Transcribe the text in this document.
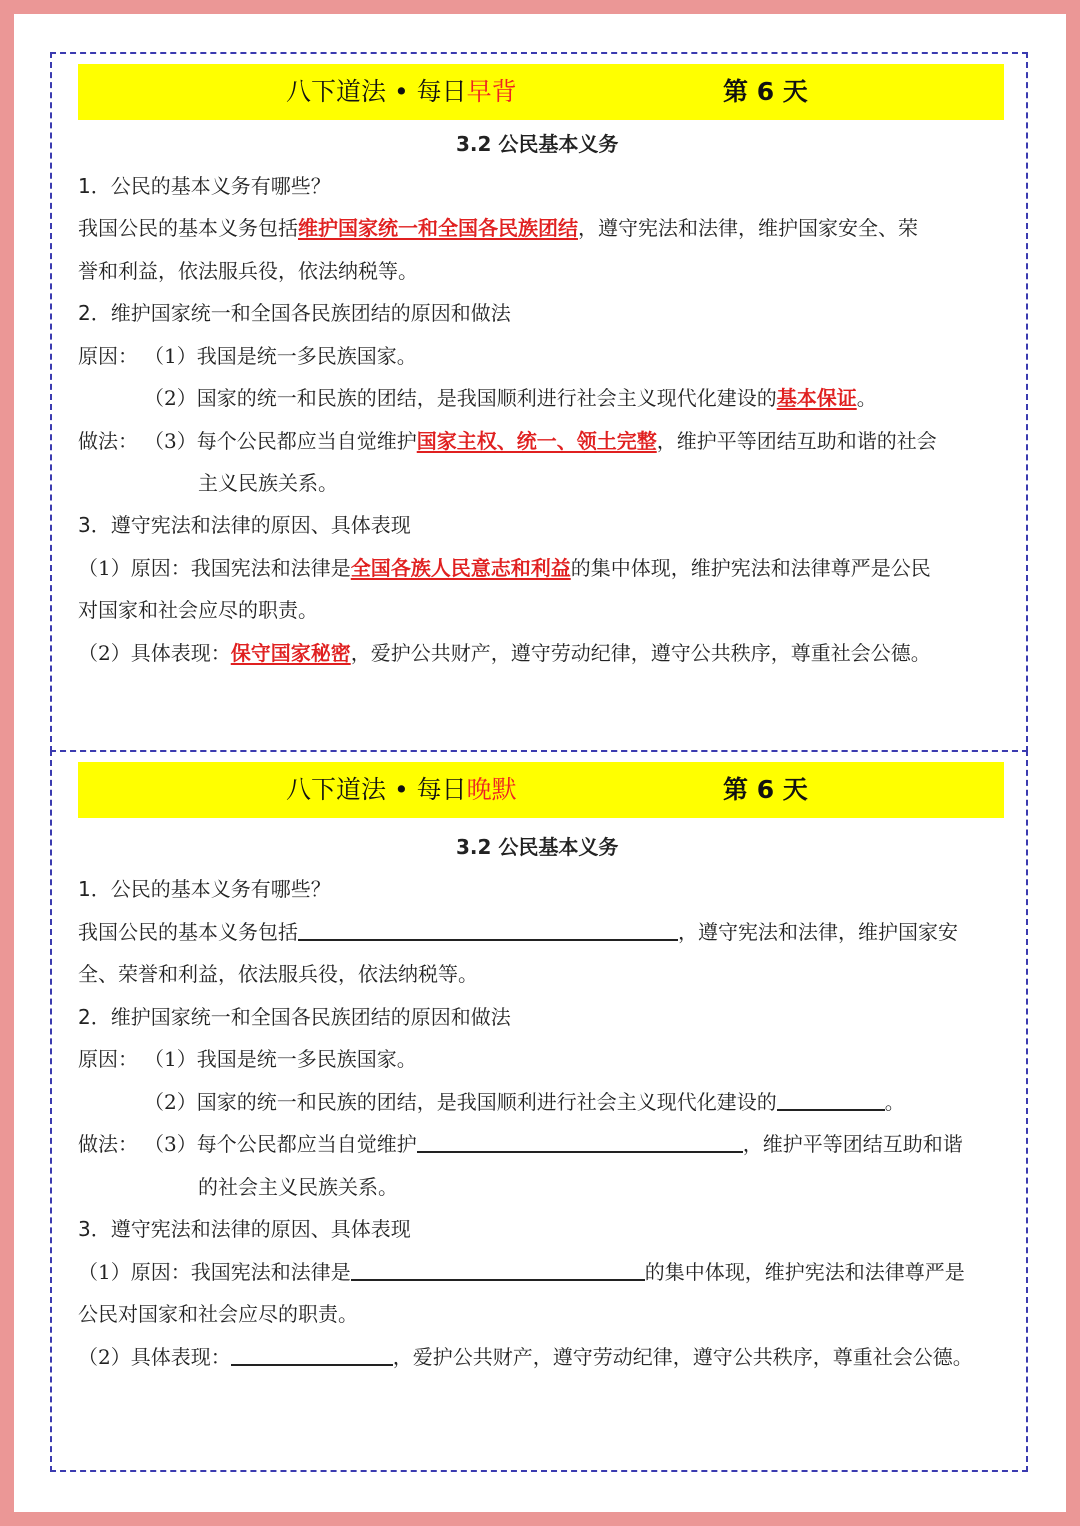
八下道法 • 每日早背	第 6 天
3.2 公民基本义务
1．公民的基本义务有哪些？
我国公民的基本义务包括维护国家统一和全国各民族团结，遵守宪法和法律，维护国家安全、荣
誉和利益，依法服兵役，依法纳税等。
2．维护国家统一和全国各民族团结的原因和做法
原因： （1）我国是统一多民族国家。
（2）国家的统一和民族的团结，是我国顺利进行社会主义现代化建设的基本保证。
做法： （3）每个公民都应当自觉维护国家主权、统一、领土完整，维护平等团结互助和谐的社会
主义民族关系。
3．遵守宪法和法律的原因、具体表现
（1）原因：我国宪法和法律是全国各族人民意志和利益的集中体现，维护宪法和法律尊严是公民
对国家和社会应尽的职责。
（2）具体表现：保守国家秘密，爱护公共财产，遵守劳动纪律，遵守公共秩序，尊重社会公德。
八下道法 • 每日晚默	第 6 天
3.2 公民基本义务
1．公民的基本义务有哪些？
我国公民的基本义务包括	，遵守宪法和法律，维护国家安
全、荣誉和利益，依法服兵役，依法纳税等。
2．维护国家统一和全国各民族团结的原因和做法
原因： （1）我国是统一多民族国家。
（2）国家的统一和民族的团结，是我国顺利进行社会主义现代化建设的	。
做法： （3）每个公民都应当自觉维护	，维护平等团结互助和谐
的社会主义民族关系。
3．遵守宪法和法律的原因、具体表现
（1）原因：我国宪法和法律是	的集中体现，维护宪法和法律尊严是
公民对国家和社会应尽的职责。
（2）具体表现：	，爱护公共财产，遵守劳动纪律，遵守公共秩序，尊重社会公德。
